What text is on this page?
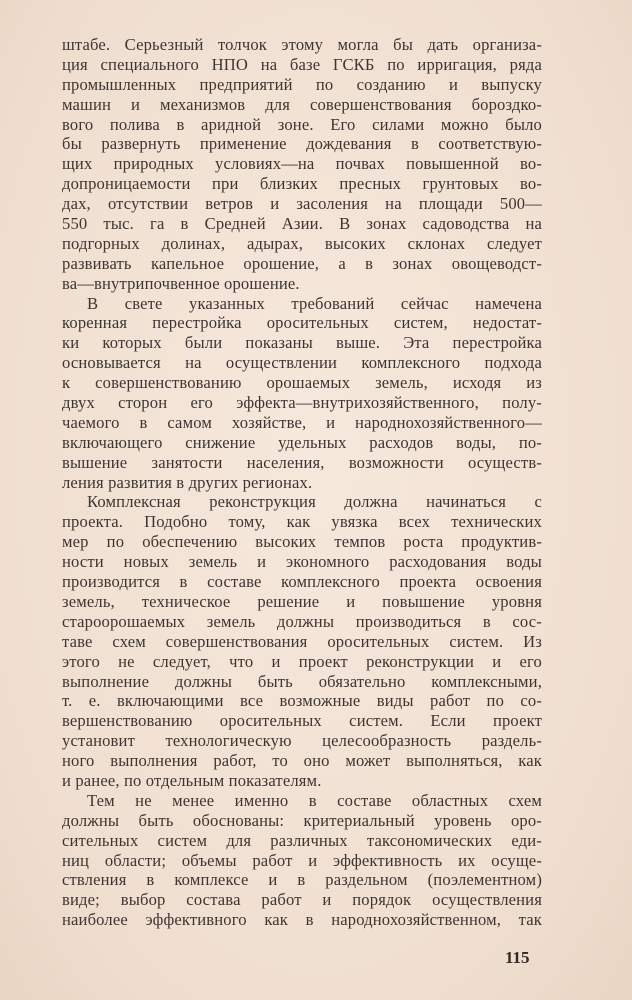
штабе. Серьезный толчок этому могла бы дать организа-
ция специального НПО на базе ГСКБ по ирригация, ряда
промышленных предприятий по созданию и выпуску
машин и механизмов для совершенствования бороздко-
вого полива в аридной зоне. Его силами можно было
бы развернуть применение дождевания в соответствую-
щих природных условиях—на почвах повышенной во-
допроницаемости при близких пресных грунтовых во-
дах, отсутствии ветров и засоления на площади 500—
550 тыс. га в Средней Азии. В зонах садоводства на
подгорных долинах, адырах, высоких склонах следует
развивать капельное орошение, а в зонах овощеводст-
ва—внутрипочвенное орошение.
В свете указанных требований сейчас намечена
коренная перестройка оросительных систем, недостат-
ки которых были показаны выше. Эта перестройка
основывается на осуществлении комплексного подхода
к совершенствованию орошаемых земель, исходя из
двух сторон его эффекта—внутрихозяйственного, полу-
чаемого в самом хозяйстве, и народнохозяйственного—
включающего снижение удельных расходов воды, по-
вышение занятости населения, возможности осуществ-
ления развития в других регионах.
Комплексная реконструкция должна начинаться с
проекта. Подобно тому, как увязка всех технических
мер по обеспечению высоких темпов роста продуктив-
ности новых земель и экономного расходования воды
производится в составе комплексного проекта освоения
земель, техническое решение и повышение уровня
старoорошаемых земель должны производиться в сос-
таве схем совершенствования оросительных систем. Из
этого не следует, что и проект реконструкции и его
выполнение должны быть обязательно комплексными,
т. е. включающими все возможные виды работ по со-
вершенствованию оросительных систем. Если проект
установит технологическую целесообразность раздель-
ного выполнения работ, то оно может выполняться, как
и ранее, по отдельным показателям.
Тем не менее именно в составе областных схем
должны быть обоснованы: критериальный уровень оро-
сительных систем для различных таксономических еди-
ниц области; объемы работ и эффективность их осуще-
ствления в комплексе и в раздельном (поэлементном)
виде; выбор состава работ и порядок осуществления
наиболее эффективного как в народнохозяйственном, так
115
